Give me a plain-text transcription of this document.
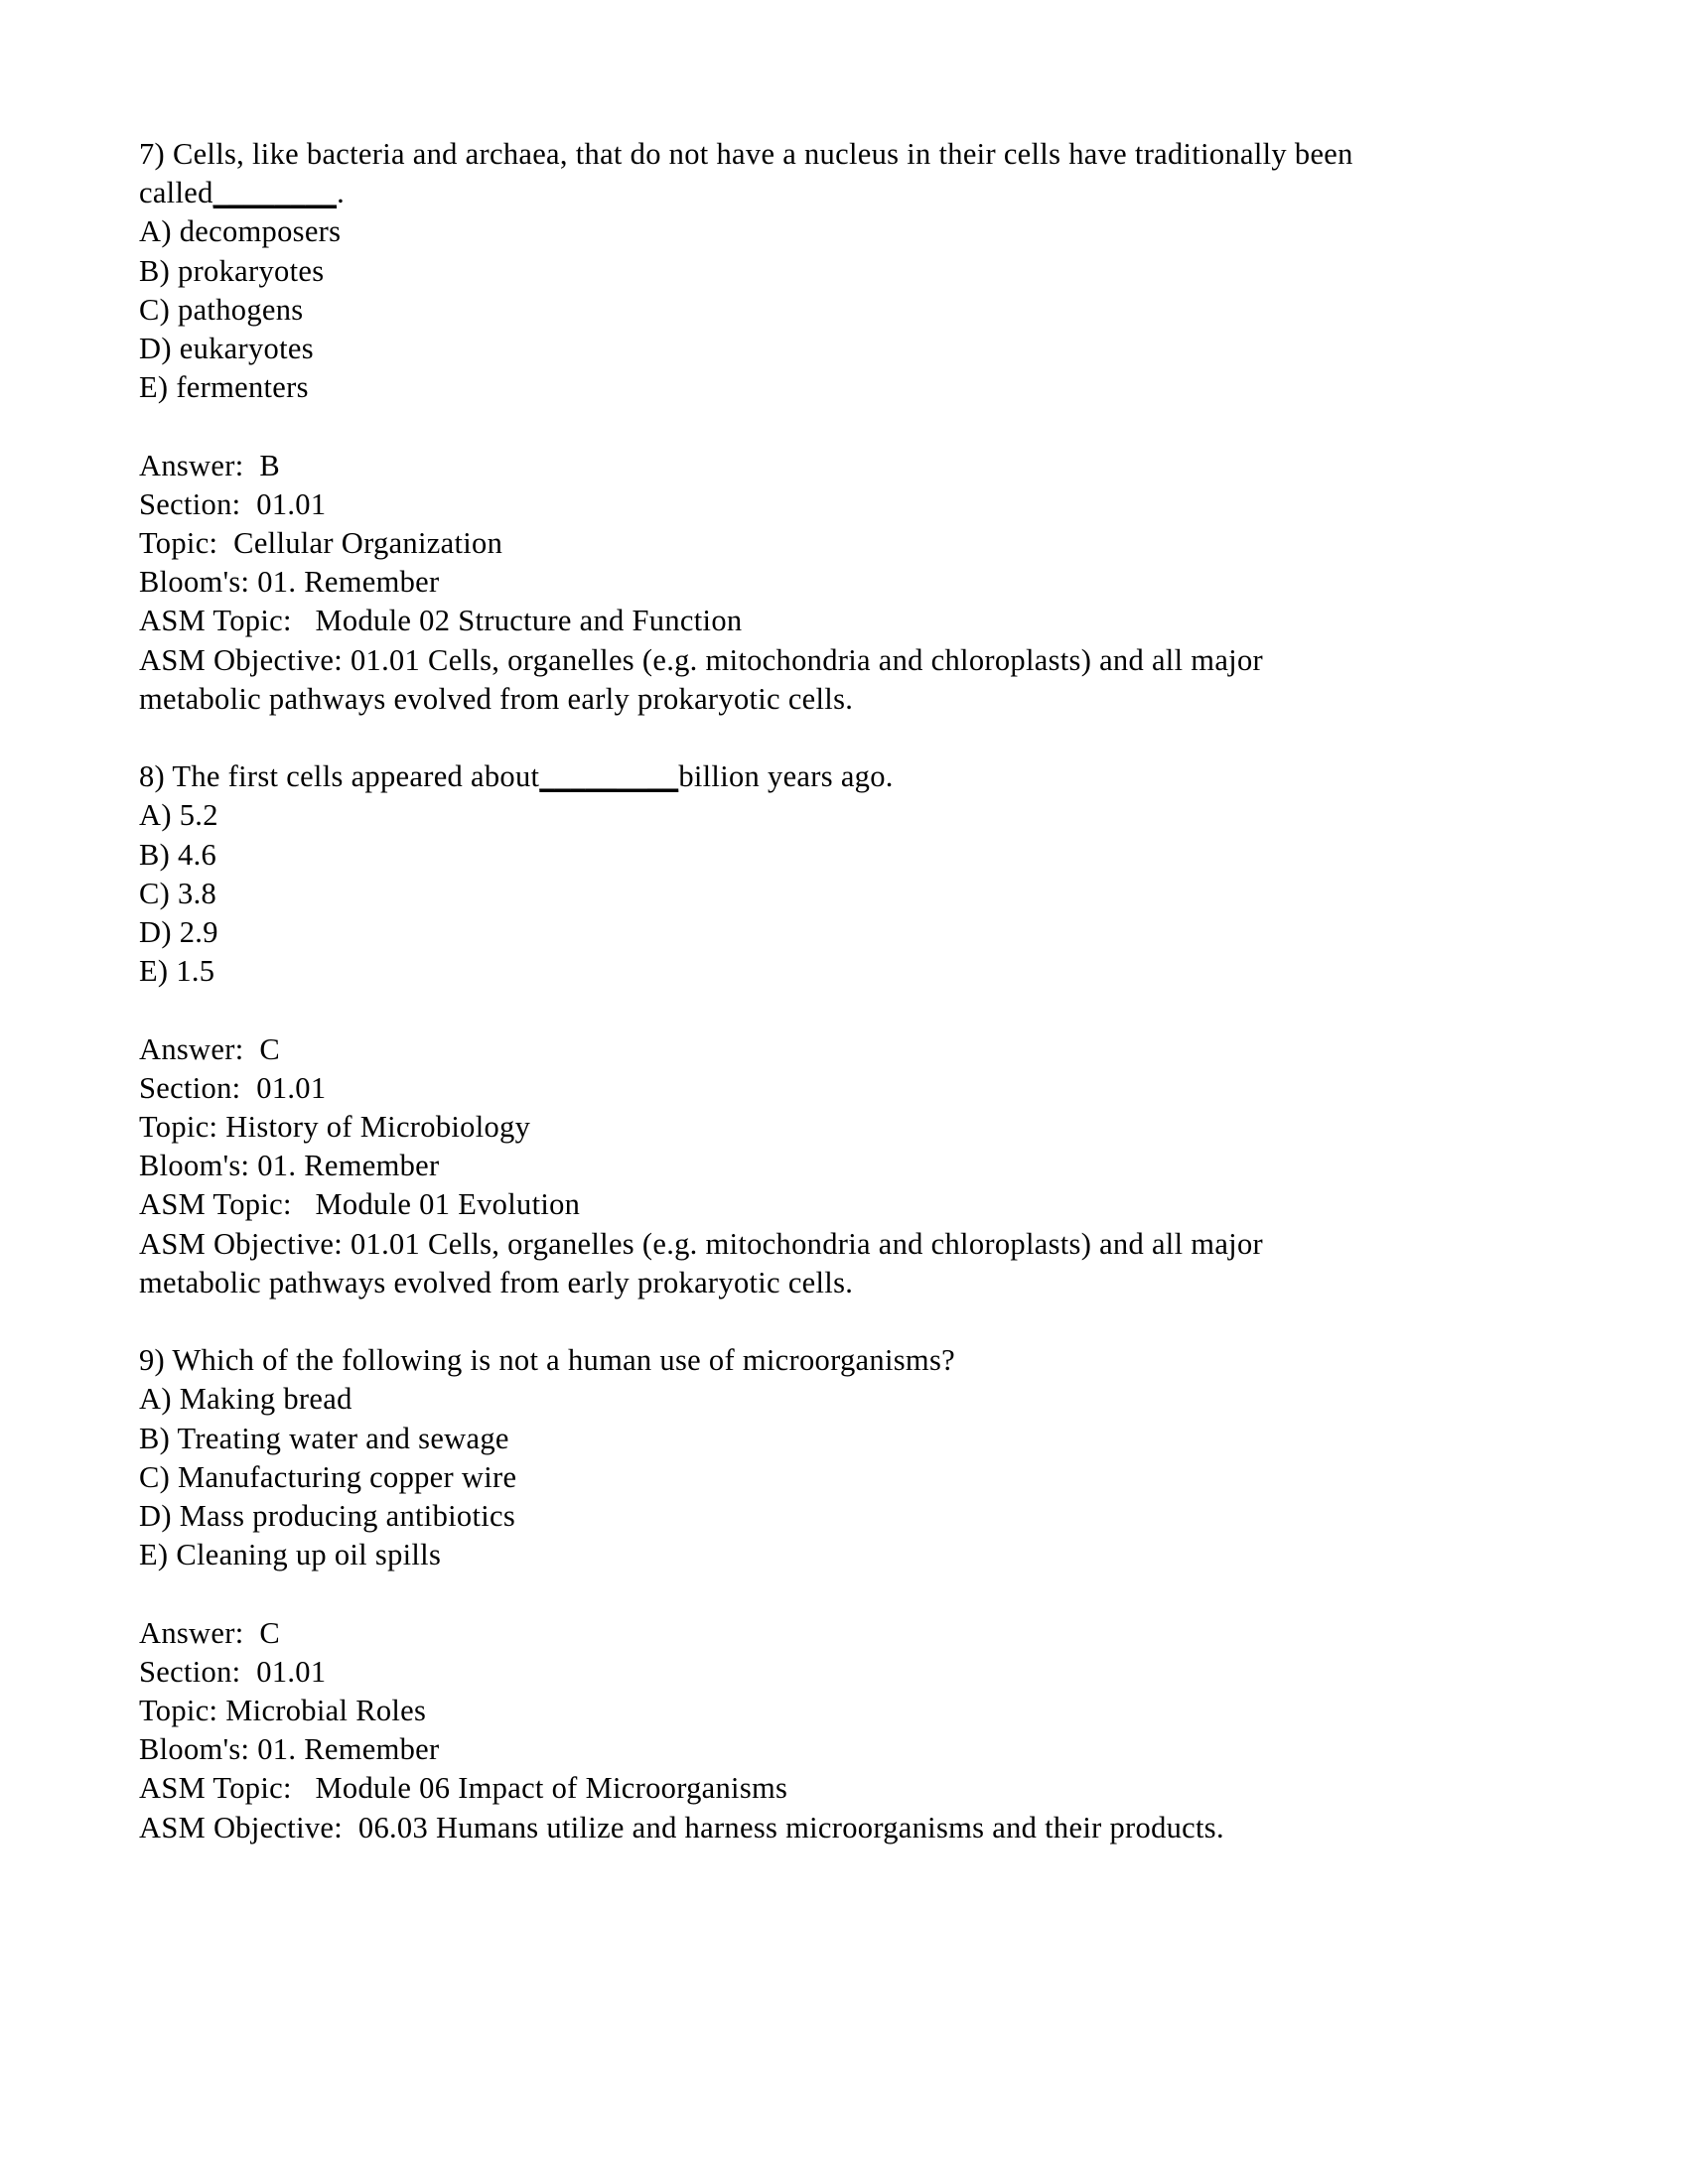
7) Cells, like bacteria and archaea, that do not have a nucleus in their cells have traditionally been
called________.
A) decomposers
B) prokaryotes
C) pathogens
D) eukaryotes
E) fermenters
Answer:  B
Section:  01.01
Topic:  Cellular Organization
Bloom's: 01. Remember
ASM Topic:   Module 02 Structure and Function
ASM Objective: 01.01 Cells, organelles (e.g. mitochondria and chloroplasts) and all major
metabolic pathways evolved from early prokaryotic cells.
8) The first cells appeared about_________billion years ago.
A) 5.2
B) 4.6
C) 3.8
D) 2.9
E) 1.5
Answer:  C
Section:  01.01
Topic: History of Microbiology
Bloom's: 01. Remember
ASM Topic:   Module 01 Evolution
ASM Objective: 01.01 Cells, organelles (e.g. mitochondria and chloroplasts) and all major
metabolic pathways evolved from early prokaryotic cells.
9) Which of the following is not a human use of microorganisms?
A) Making bread
B) Treating water and sewage
C) Manufacturing copper wire
D) Mass producing antibiotics
E) Cleaning up oil spills
Answer:  C
Section:  01.01
Topic: Microbial Roles
Bloom's: 01. Remember
ASM Topic:   Module 06 Impact of Microorganisms
ASM Objective:  06.03 Humans utilize and harness microorganisms and their products.
